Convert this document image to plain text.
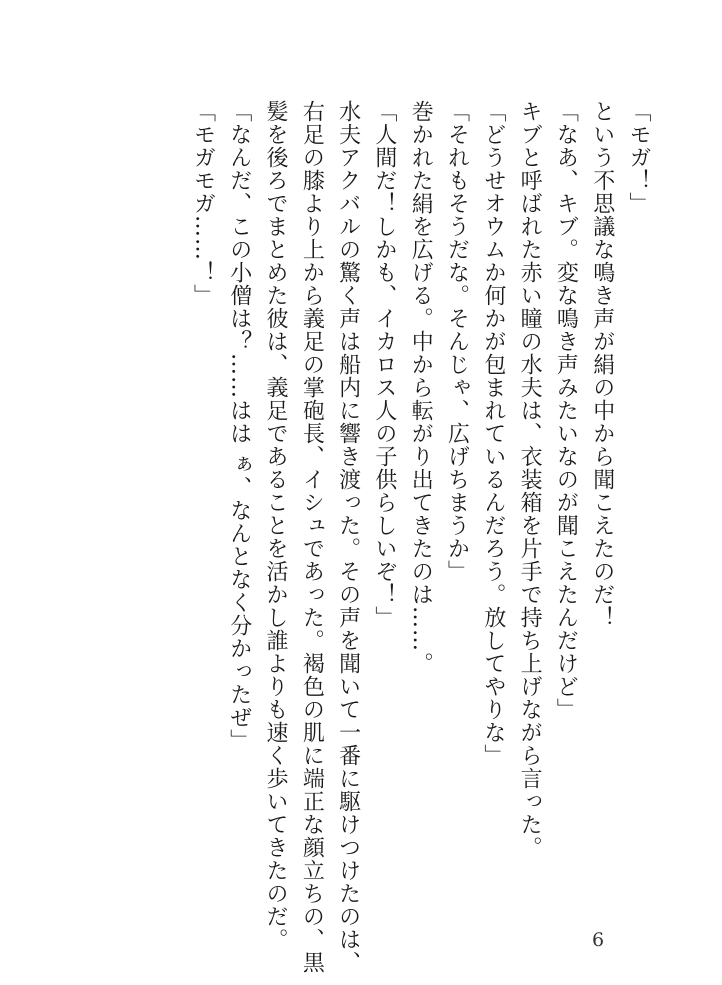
「モガ！」
という不思議な鳴き声が絹の中から聞こえたのだ！
「なあ、キブ。変な鳴き声みたいなのが聞こえたんだけど」
キブと呼ばれた赤い瞳の水夫は、衣装箱を片手で持ち上げながら言った。
「どうせオウムか何かが包まれているんだろう。放してやりな」
「それもそうだな。そんじゃ、広げちまうか」
巻かれた絹を広げる。中から転がり出てきたのは……。
「人間だ！しかも、イカロス人の子供らしいぞ！」
水夫アクバルの驚く声は船内に響き渡った。その声を聞いて一番に駆けつけたのは、
右足の膝より上から義足の掌砲長、イシュであった。褐色の肌に端正な顔立ちの、黒
髪を後ろでまとめた彼は、義足であることを活かし誰よりも速く歩いてきたのだ。
「なんだ、この小僧は？……はは ぁ、なんとなく分かったぜ」
「モガモガ……！」
6
